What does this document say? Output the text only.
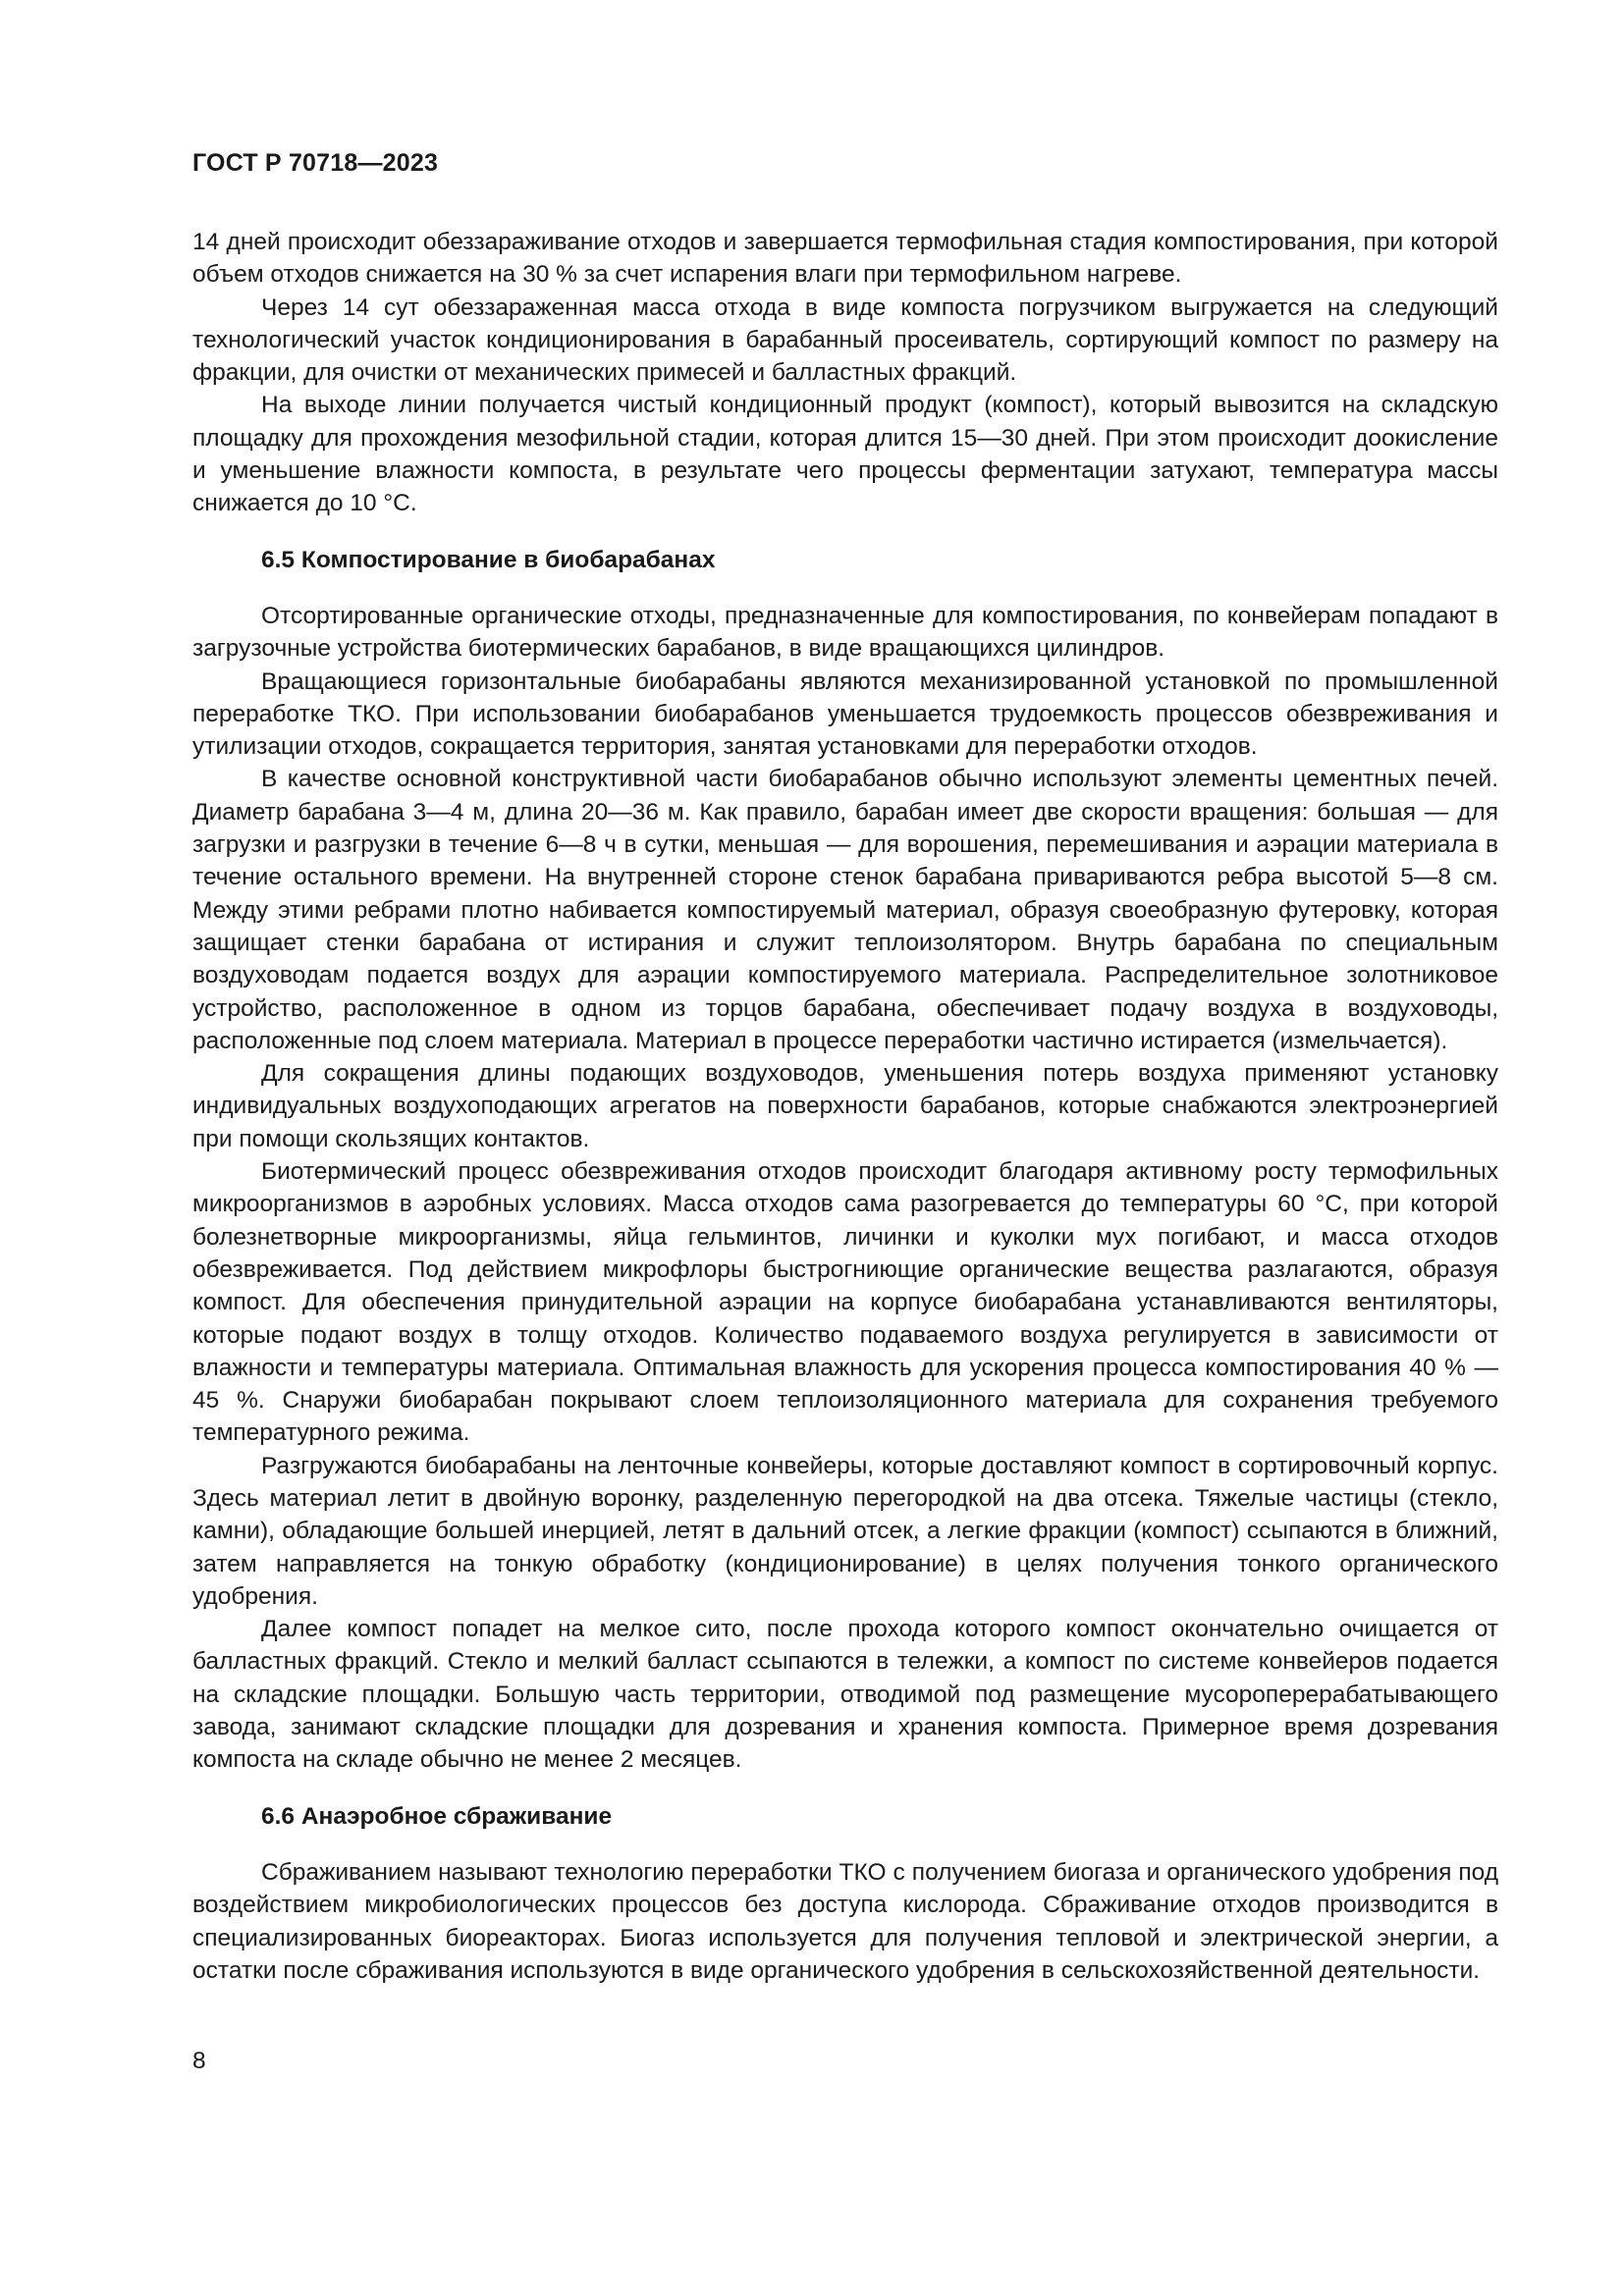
ГОСТ Р 70718—2023

14 дней происходит обеззараживание отходов и завершается термофильная стадия компостирования, при которой объем отходов снижается на 30 % за счет испарения влаги при термофильном нагреве.

Через 14 сут обеззараженная масса отхода в виде компоста погрузчиком выгружается на следующий технологический участок кондиционирования в барабанный просеиватель, сортирующий компост по размеру на фракции, для очистки от механических примесей и балластных фракций.

На выходе линии получается чистый кондиционный продукт (компост), который вывозится на складскую площадку для прохождения мезофильной стадии, которая длится 15—30 дней. При этом происходит доокисление и уменьшение влажности компоста, в результате чего процессы ферментации затухают, температура массы снижается до 10 °С.

6.5 Компостирование в биобарабанах

Отсортированные органические отходы, предназначенные для компостирования, по конвейерам попадают в загрузочные устройства биотермических барабанов, в виде вращающихся цилиндров.

Вращающиеся горизонтальные биобарабаны являются механизированной установкой по промышленной переработке ТКО. При использовании биобарабанов уменьшается трудоемкость процессов обезвреживания и утилизации отходов, сокращается территория, занятая установками для переработки отходов.

В качестве основной конструктивной части биобарабанов обычно используют элементы цементных печей. Диаметр барабана 3—4 м, длина 20—36 м. Как правило, барабан имеет две скорости вращения: большая — для загрузки и разгрузки в течение 6—8 ч в сутки, меньшая — для ворошения, перемешивания и аэрации материала в течение остального времени. На внутренней стороне стенок барабана привариваются ребра высотой 5—8 см. Между этими ребрами плотно набивается компостируемый материал, образуя своеобразную футеровку, которая защищает стенки барабана от истирания и служит теплоизолятором. Внутрь барабана по специальным воздуховодам подается воздух для аэрации компостируемого материала. Распределительное золотниковое устройство, расположенное в одном из торцов барабана, обеспечивает подачу воздуха в воздуховоды, расположенные под слоем материала. Материал в процессе переработки частично истирается (измельчается).

Для сокращения длины подающих воздуховодов, уменьшения потерь воздуха применяют установку индивидуальных воздухоподающих агрегатов на поверхности барабанов, которые снабжаются электроэнергией при помощи скользящих контактов.

Биотермический процесс обезвреживания отходов происходит благодаря активному росту термофильных микроорганизмов в аэробных условиях. Масса отходов сама разогревается до температуры 60 °С, при которой болезнетворные микроорганизмы, яйца гельминтов, личинки и куколки мух погибают, и масса отходов обезвреживается. Под действием микрофлоры быстрогниющие органические вещества разлагаются, образуя компост. Для обеспечения принудительной аэрации на корпусе биобарабана устанавливаются вентиляторы, которые подают воздух в толщу отходов. Количество подаваемого воздуха регулируется в зависимости от влажности и температуры материала. Оптимальная влажность для ускорения процесса компостирования 40 % — 45 %. Снаружи биобарабан покрывают слоем теплоизоляционного материала для сохранения требуемого температурного режима.

Разгружаются биобарабаны на ленточные конвейеры, которые доставляют компост в сортировочный корпус. Здесь материал летит в двойную воронку, разделенную перегородкой на два отсека. Тяжелые частицы (стекло, камни), обладающие большей инерцией, летят в дальний отсек, а легкие фракции (компост) ссыпаются в ближний, затем направляется на тонкую обработку (кондиционирование) в целях получения тонкого органического удобрения.

Далее компост попадет на мелкое сито, после прохода которого компост окончательно очищается от балластных фракций. Стекло и мелкий балласт ссыпаются в тележки, а компост по системе конвейеров подается на складские площадки. Большую часть территории, отводимой под размещение мусороперерабатывающего завода, занимают складские площадки для дозревания и хранения компоста. Примерное время дозревания компоста на складе обычно не менее 2 месяцев.

6.6 Анаэробное сбраживание

Сбраживанием называют технологию переработки ТКО с получением биогаза и органического удобрения под воздействием микробиологических процессов без доступа кислорода. Сбраживание отходов производится в специализированных биореакторах. Биогаз используется для получения тепловой и электрической энергии, а остатки после сбраживания используются в виде органического удобрения в сельскохозяйственной деятельности.

8
